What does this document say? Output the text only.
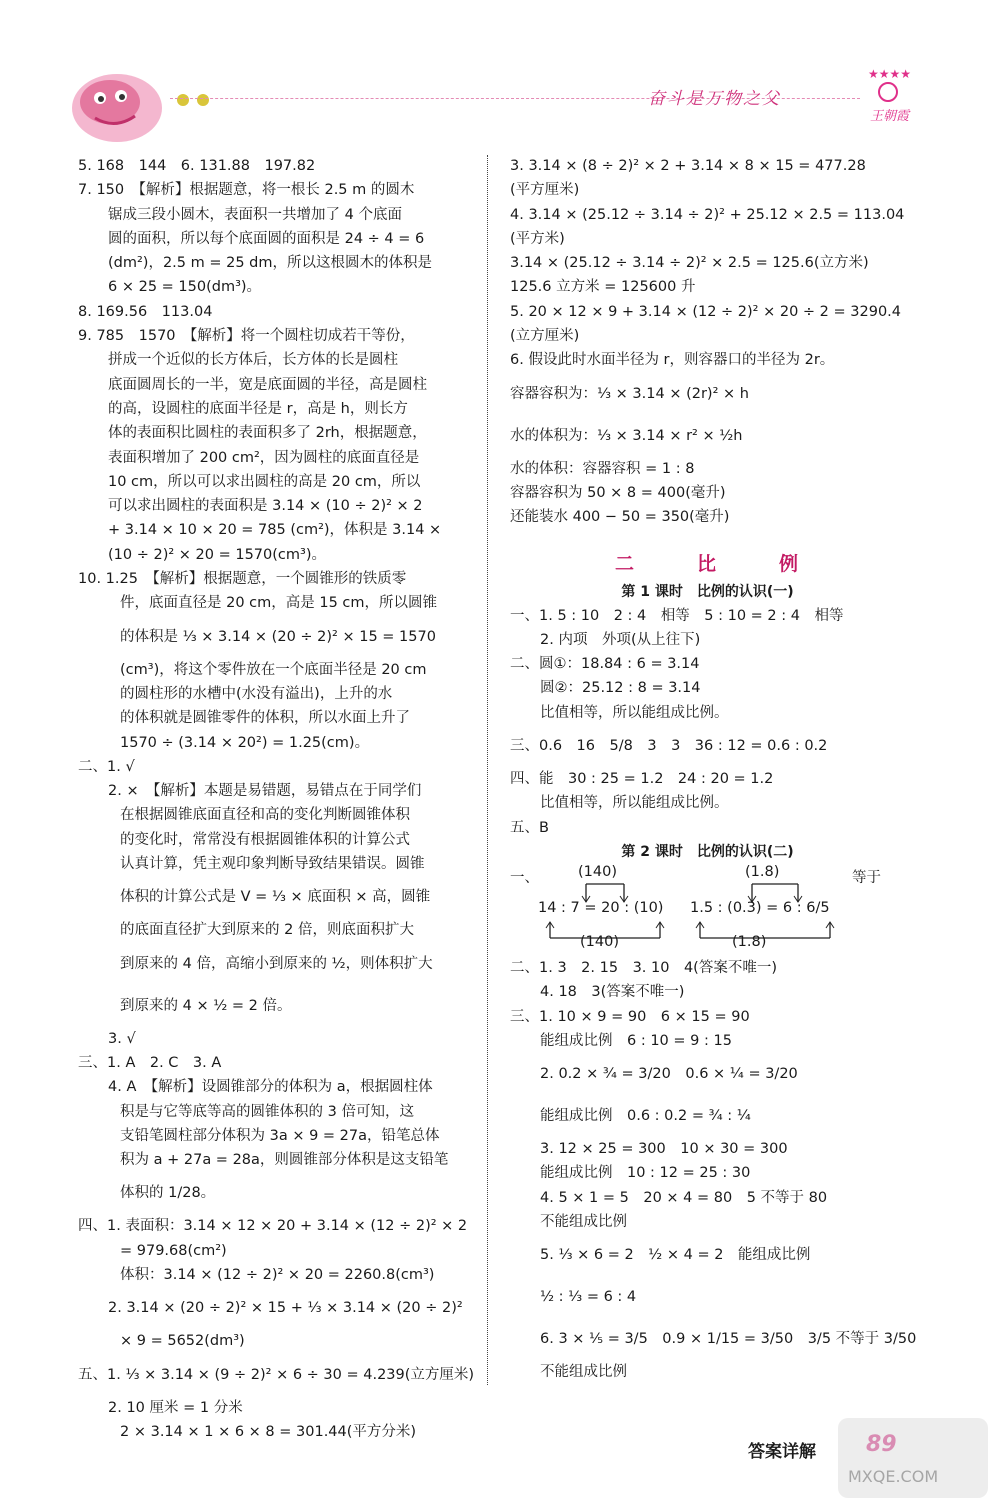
奋斗是万物之父
★★★★
王朝霞
5. 168　144　6. 131.88　197.82
7. 150　【解析】根据题意，将一根长 2.5 m 的圆木
锯成三段小圆木，表面积一共增加了 4 个底面
圆的面积，所以每个底面圆的面积是 24 ÷ 4 = 6
(dm²)，2.5 m = 25 dm，所以这根圆木的体积是
6 × 25 = 150(dm³)。
8. 169.56　113.04
9. 785　1570　【解析】将一个圆柱切成若干等份，
拼成一个近似的长方体后，长方体的长是圆柱
底面圆周长的一半，宽是底面圆的半径，高是圆柱
的高，设圆柱的底面半径是 r，高是 h，则长方
体的表面积比圆柱的表面积多了 2rh，根据题意，
表面积增加了 200 cm²，因为圆柱的底面直径是
10 cm，所以可以求出圆柱的高是 20 cm，所以
可以求出圆柱的表面积是 3.14 × (10 ÷ 2)² × 2
+ 3.14 × 10 × 20 = 785 (cm²)，体积是 3.14 ×
(10 ÷ 2)² × 20 = 1570(cm³)。
10. 1.25　【解析】根据题意，一个圆锥形的铁质零
件，底面直径是 20 cm，高是 15 cm，所以圆锥
的体积是 ⅓ × 3.14 × (20 ÷ 2)² × 15 = 1570
(cm³)，将这个零件放在一个底面半径是 20 cm
的圆柱形的水槽中(水没有溢出)，上升的水
的体积就是圆锥零件的体积，所以水面上升了
1570 ÷ (3.14 × 20²) = 1.25(cm)。
二、1. √
2. ×　【解析】本题是易错题，易错点在于同学们
在根据圆锥底面直径和高的变化判断圆锥体积
的变化时，常常没有根据圆锥体积的计算公式
认真计算，凭主观印象判断导致结果错误。圆锥
体积的计算公式是 V = ⅓ × 底面积 × 高，圆锥
的底面直径扩大到原来的 2 倍，则底面积扩大
到原来的 4 倍，高缩小到原来的 ½，则体积扩大
到原来的 4 × ½ = 2 倍。
3. √
三、1. A　2. C　3. A
4. A　【解析】设圆锥部分的体积为 a，根据圆柱体
积是与它等底等高的圆锥体积的 3 倍可知，这
支铅笔圆柱部分体积为 3a × 9 = 27a，铅笔总体
积为 a + 27a = 28a，则圆锥部分体积是这支铅笔
体积的 1/28。
四、1. 表面积：3.14 × 12 × 20 + 3.14 × (12 ÷ 2)² × 2
= 979.68(cm²)
体积：3.14 × (12 ÷ 2)² × 20 = 2260.8(cm³)
2. 3.14 × (20 ÷ 2)² × 15 + ⅓ × 3.14 × (20 ÷ 2)²
× 9 = 5652(dm³)
五、1. ⅓ × 3.14 × (9 ÷ 2)² × 6 ÷ 30 = 4.239(立方厘米)
2. 10 厘米 = 1 分米
2 × 3.14 × 1 × 6 × 8 = 301.44(平方分米)
3. 3.14 × (8 ÷ 2)² × 2 + 3.14 × 8 × 15 = 477.28
(平方厘米)
4. 3.14 × (25.12 ÷ 3.14 ÷ 2)² + 25.12 × 2.5 = 113.04
(平方米)
3.14 × (25.12 ÷ 3.14 ÷ 2)² × 2.5 = 125.6(立方米)
125.6 立方米 = 125600 升
5. 20 × 12 × 9 + 3.14 × (12 ÷ 2)² × 20 ÷ 2 = 3290.4
(立方厘米)
6. 假设此时水面半径为 r，则容器口的半径为 2r。
容器容积为：⅓ × 3.14 × (2r)² × h
水的体积为：⅓ × 3.14 × r² × ½h
水的体积：容器容积 = 1 : 8
容器容积为 50 × 8 = 400(毫升)
还能装水 400 − 50 = 350(毫升)
二　比　例
第 1 课时　比例的认识(一)
一、1. 5 : 10　2 : 4　相等　5 : 10 = 2 : 4　相等
2. 内项　外项(从上往下)
二、圆①：18.84 : 6 = 3.14
圆②：25.12 : 8 = 3.14
比值相等，所以能组成比例。
三、0.6　16　5/8　3　3　36 : 12 = 0.6 : 0.2
四、能　30 : 25 = 1.2　24 : 20 = 1.2
比值相等，所以能组成比例。
五、B
第 2 课时　比例的认识(二)
一、	(140)	(1.8)	等于
14 : 7 = 20 : (10) 1.5 : (0.3) = 6 : 6/5
(140)	(1.8)
二、1. 3　2. 15　3. 10　4(答案不唯一)
4. 18　3(答案不唯一)
三、1. 10 × 9 = 90　6 × 15 = 90
能组成比例　6 : 10 = 9 : 15
2. 0.2 × ¾ = 3/20　0.6 × ¼ = 3/20
能组成比例　0.6 : 0.2 = ¾ : ¼
3. 12 × 25 = 300　10 × 30 = 300
能组成比例　10 : 12 = 25 : 30
4. 5 × 1 = 5　20 × 4 = 80　5 不等于 80
不能组成比例
5. ⅓ × 6 = 2　½ × 4 = 2　能组成比例
½ : ⅓ = 6 : 4
6. 3 × ⅕ = 3/5　0.9 × 1/15 = 3/50　3/5 不等于 3/50
不能组成比例
答案详解 89
MXQE.COM
